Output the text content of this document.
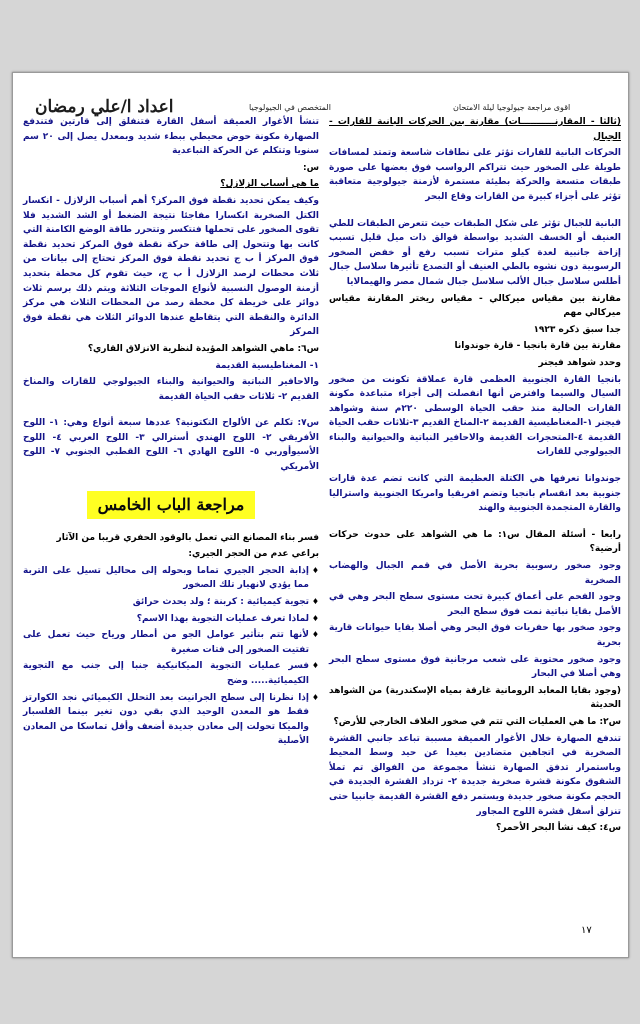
اعداد ا/علي رمضان	المتخصص في الجيولوجيا	اقوى مراجعة جيولوجيا ليلة الامتحان

(ثالثا - المقارنـــــــــــات) مقارنة بين الحركات البانية للقارات - الجبال

الحركات البانية للقارات تؤثر على نطاقات شاسعة وتمتد لمسافات طويلة على الصخور حيث تتراكم الرواسب فوق بعضها على صورة طبقات متسعة والحركة بطيئة مستمرة لأزمنة جيولوجية متعاقبة تؤثر على أجزاء كبيرة من القارات وقاع البحر

البانية للجبال تؤثر على شكل الطبقات حيث تتعرض الطبقات للطي العنيف أو الخسف الشديد بواسطة قوالق ذات ميل قليل تسبب إزاحة جانبية لعدة كيلو مترات تسبب رفع أو خفض الصخور الرسوبية دون نشوه بالطي العنيف أو التصدع تأثيرها سلاسل جبال أطلس سلاسل جبال الألب سلاسل جبال شمال مصر والهيمالايا

مقارنة بين مقياس ميركالي - مقياس ريختر المقارنة مقياس ميركالي مهم

جدا سبق ذكره ١٩٢٣

مقارنة بين قارة بانجيا - قارة جوندوانا

وحدد شواهد فيجنر

بانجيا القارة الجنوبية العظمى قارة عملاقة تكونت من صخور السيال والسيما وافترض أنها انفصلت إلى أجزاء متباعدة مكونة القارات الحالية منذ حقب الحياة الوسطى ٢٢٠م سنة وشواهد فيجنر ١-المغناطيسية القديمة ٢-المناخ القديم ٣-ثلاثات حقب الحياة القديمة ٤-المتحجرات القديمة والاحافير النباتية والحيوانية والبناء الجيولوجي للقارات

جوندوانا تعرفها هي الكتلة العظيمة التي كانت تضم عدة قارات جنوبية بعد انقسام بانجيا وتضم افريقيا وامريكا الجنوبية واستراليا والقارة المتجمدة الجنوبية والهند

رابعا - أسئلة المقال س١: ما هي الشواهد على حدوث حركات أرضية؟

وجود صخور رسوبية بحرية الأصل في قمم الجبال والهضاب الصخرية

وجود الفحم على أعماق كبيرة تحت مستوى سطح البحر وهي في الأصل بقايا نباتية نمت فوق سطح البحر

وجود صخور بها حفريات فوق البحر وهي أصلا بقايا حيوانات قارية بحرية

وجود صخور محتوية على شعب مرجانية فوق مستوى سطح البحر وهي أصلا في البحار

(وجود بقايا المعابد الرومانية غارقة بمياه الإسكندرية) من الشواهد الحديثة

س٢: ما هي العمليات التي تتم في صخور الغلاف الخارجي للأرض؟

تندفع الصهارة خلال الأغوار العميقة مسببة تباعد جانبي القشرة الصخرية في اتجاهين متضادين بعيدا عن حيد وسط المحيط وباستمرار تدفق الصهارة تنشأ مجموعة من الفوالق تم تملأ الشقوق مكونة قشرة صخرية جديدة ٢- تزداد القشرة الجديدة في الحجم مكونة صخور جديدة ويستمر دفع القشرة القديمة جانبيا حتى تنزلق أسفل قشرة اللوح المجاور

س٤: كيف نشأ البحر الأحمر؟

تنشأ الأغوار العميقة أسفل القارة فتنفلق إلى قارتين فتندفع الصهارة مكونة حوض محيطي ببطء شديد وبمعدل يصل إلى ٢٠ سم سنويا وتتكلم عن الحركة التباعدية

س:

ما هي أسباب الزلازل؟

وكيف يمكن تحديد نقطة فوق المركز؟ أهم أسباب الزلازل - انكسار الكتل الصخرية انكسارا مفاجئا نتيجة الضغط أو الشد الشديد فلا تقوى الصخور على تحملها فتتكسر وتتحرر طاقة الوضع الكامنة التي كانت بها وتتحول إلى طاقة حركة نقطة فوق المركز تحديد نقطة فوق المركز أ ب ج تحديد نقطة فوق المركز تحتاج إلى بيانات من ثلاث محطات لرصد الزلازل أ ب ج، حيث تقوم كل محطة بتحديد أزمنة الوصول النسبية لأنواع الموجات الثلاثة ويتم ذلك برسم ثلاث دوائر على خريطة كل محطة رصد من المحطات الثلاث هي مركز الدائرة والنقطة التي يتقاطع عندها الدوائر الثلاث هي نقطة فوق المركز

س٦: ماهي الشواهد المؤيدة لنظرية الانزلاق القاري؟

١- المغناطيسية القديمة

والاحافير النباتية والحيوانية والبناء الجيولوجي للقارات والمناخ القديم ٢- ثلاثات حقب الحياة القديمة

س٧: تكلم عن الألواح التكتونية؟ عددها سبعة أنواع وهي: ١- اللوح الأفريقي ٢- اللوح الهندي أسترالي ٣- اللوح العربي ٤- اللوح الأسيوأوربي ٥- اللوح الهادي ٦- اللوح القطبي الجنوبي ٧- اللوح الأمريكي

مراجعة الباب الخامس

فسر بناء المصانع التي تعمل بالوقود الحفري قريبا من الآثار

براعي عدم من الحجر الجيري:

♦ إذابة الحجر الجيري تماما وبحوله إلى محاليل تسيل على التربة مما يؤدي لانهيار تلك الصخور

♦ تجوية كيميائية : كربنة ؛ ولد يحدث حرائق

♦ لماذا تعرف عمليات التجوية بهذا الاسم؟

♦ لأنها تتم بتأثير عوامل الجو من أمطار ورياح حيث تعمل على تفتيت الصخور إلى فتات صغيرة

♦ فسر عمليات التجوية الميكانيكية جنبا إلى جنب مع التجوية الكيميائية..... وضح

♦ إذا نظرنا إلى سطح الجرانيت بعد التحلل الكيميائي نجد الكوارتز فقط هو المعدن الوحيد الذي بقي دون تغير بينما الفلسبار والميكا تحولت إلى معادن جديدة أضعف وأقل تماسكا من المعادن الأصلية

١٧
